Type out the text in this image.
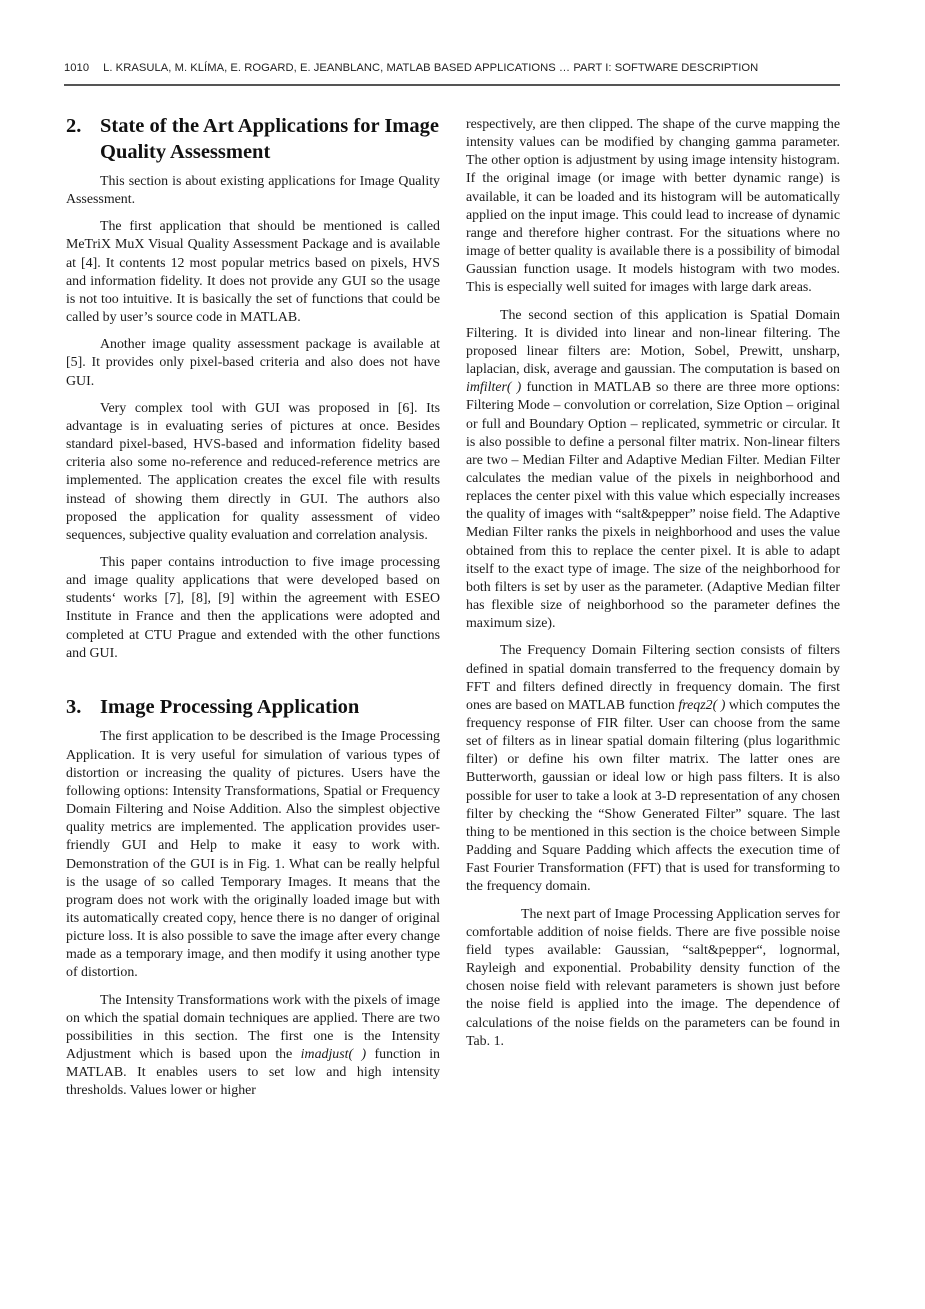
1010 L. KRASULA, M. KLÍMA, E. ROGARD, E. JEANBLANC, MATLAB BASED APPLICATIONS … PART I: SOFTWARE DESCRIPTION
2. State of the Art Applications for Image Quality Assessment

This section is about existing applications for Image Quality Assessment.

The first application that should be mentioned is called MeTriX MuX Visual Quality Assessment Package and is available at [4]. It contents 12 most popular metrics based on pixels, HVS and information fidelity. It does not provide any GUI so the usage is not too intuitive. It is basically the set of functions that could be called by user’s source code in MATLAB.

Another image quality assessment package is available at [5]. It provides only pixel-based criteria and also does not have GUI.

Very complex tool with GUI was proposed in [6]. Its advantage is in evaluating series of pictures at once. Besides standard pixel-based, HVS-based and information fidelity based criteria also some no-reference and reduced-reference metrics are implemented. The application creates the excel file with results instead of showing them directly in GUI. The authors also proposed the application for quality assessment of video sequences, subjective quality evaluation and correlation analysis.

This paper contains introduction to five image processing and image quality applications that were developed based on students‘ works [7], [8], [9] within the agreement with ESEO Institute in France and then the applications were adopted and completed at CTU Prague and extended with the other functions and GUI.

3. Image Processing Application

The first application to be described is the Image Processing Application. It is very useful for simulation of various types of distortion or increasing the quality of pictures. Users have the following options: Intensity Transformations, Spatial or Frequency Domain Filtering and Noise Addition. Also the simplest objective quality metrics are implemented. The application provides user-friendly GUI and Help to make it easy to work with. Demonstration of the GUI is in Fig. 1. What can be really helpful is the usage of so called Temporary Images. It means that the program does not work with the originally loaded image but with its automatically created copy, hence there is no danger of original picture loss. It is also possible to save the image after every change made as a temporary image, and then modify it using another type of distortion.

The Intensity Transformations work with the pixels of image on which the spatial domain techniques are applied. There are two possibilities in this section. The first one is the Intensity Adjustment which is based upon the imadjust( ) function in MATLAB. It enables users to set low and high intensity thresholds. Values lower or higher

respectively, are then clipped. The shape of the curve mapping the intensity values can be modified by changing gamma parameter. The other option is adjustment by using image intensity histogram. If the original image (or image with better dynamic range) is available, it can be loaded and its histogram will be automatically applied on the input image. This could lead to increase of dynamic range and therefore higher contrast. For the situations where no image of better quality is available there is a possibility of bimodal Gaussian function usage. It models histogram with two modes. This is especially well suited for images with large dark areas.

The second section of this application is Spatial Domain Filtering. It is divided into linear and non-linear filtering. The proposed linear filters are: Motion, Sobel, Prewitt, unsharp, laplacian, disk, average and gaussian. The computation is based on imfilter( ) function in MATLAB so there are three more options: Filtering Mode – convolution or correlation, Size Option – original or full and Boundary Option – replicated, symmetric or circular. It is also possible to define a personal filter matrix. Non-linear filters are two – Median Filter and Adaptive Median Filter. Median Filter calculates the median value of the pixels in neighborhood and replaces the center pixel with this value which especially increases the quality of images with “salt&pepper” noise field. The Adaptive Median Filter ranks the pixels in neighborhood and uses the value obtained from this to replace the center pixel. It is able to adapt itself to the exact type of image. The size of the neighborhood for both filters is set by user as the parameter. (Adaptive Median filter has flexible size of neighborhood so the parameter defines the maximum size).

The Frequency Domain Filtering section consists of filters defined in spatial domain transferred to the frequency domain by FFT and filters defined directly in frequency domain. The first ones are based on MATLAB function freqz2( ) which computes the frequency response of FIR filter. User can choose from the same set of filters as in linear spatial domain filtering (plus logarithmic filter) or define his own filter matrix. The latter ones are Butterworth, gaussian or ideal low or high pass filters. It is also possible for user to take a look at 3-D representation of any chosen filter by checking the “Show Generated Filter” square. The last thing to be mentioned in this section is the choice between Simple Padding and Square Padding which affects the execution time of Fast Fourier Transformation (FFT) that is used for transforming to the frequency domain.

The next part of Image Processing Application serves for comfortable addition of noise fields. There are five possible noise field types available: Gaussian, “salt&pepper“, lognormal, Rayleigh and exponential. Probability density function of the chosen noise field with relevant parameters is shown just before the noise field is applied into the image. The dependence of calculations of the noise fields on the parameters can be found in Tab. 1.
